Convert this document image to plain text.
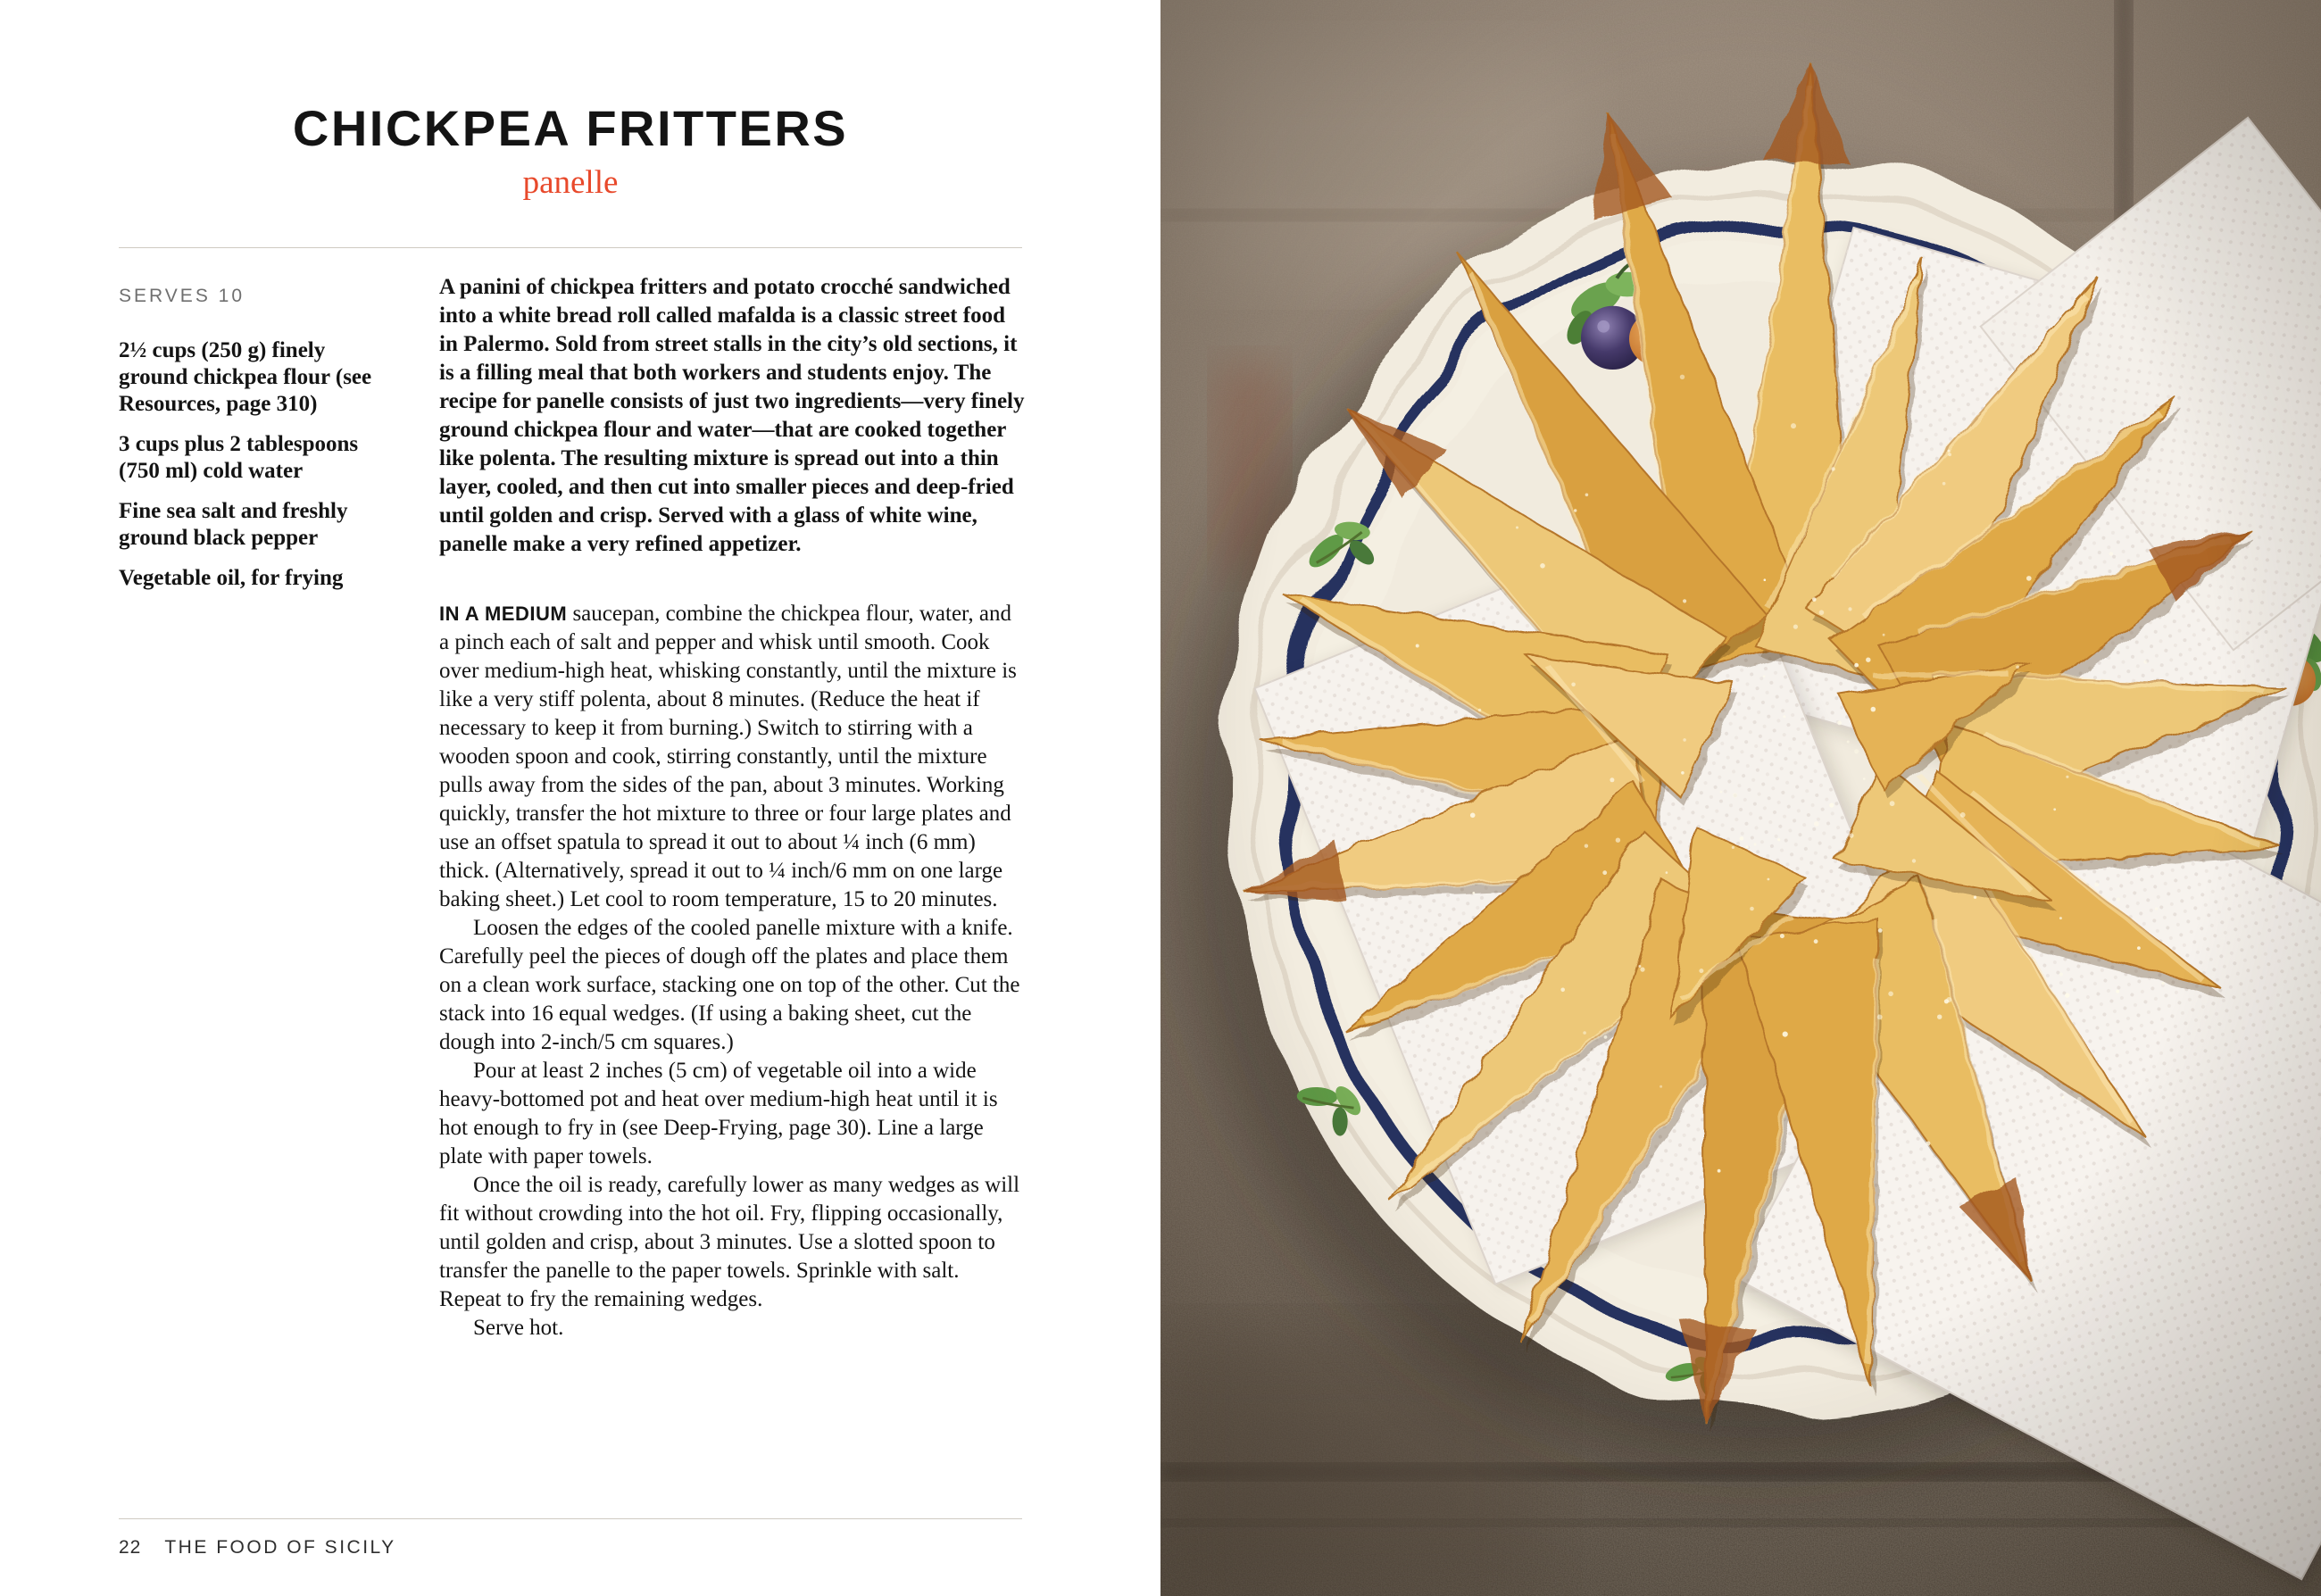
CHICKPEA FRITTERS
panelle
SERVES 10

2½ cups (250 g) finely ground chickpea flour (see Resources, page 310)

3 cups plus 2 tablespoons (750 ml) cold water

Fine sea salt and freshly ground black pepper

Vegetable oil, for frying

A panini of chickpea fritters and potato crocché sandwiched into a white bread roll called mafalda is a classic street food in Palermo. Sold from street stalls in the city’s old sections, it is a filling meal that both workers and students enjoy. The recipe for panelle consists of just two ingredients—very finely ground chickpea flour and water—that are cooked together like polenta. The resulting mixture is spread out into a thin layer, cooled, and then cut into smaller pieces and deep-fried until golden and crisp. Served with a glass of white wine, panelle make a very refined appetizer.

IN A MEDIUM saucepan, combine the chickpea flour, water, and a pinch each of salt and pepper and whisk until smooth. Cook over medium-high heat, whisking constantly, until the mixture is like a very stiff polenta, about 8 minutes. (Reduce the heat if necessary to keep it from burning.) Switch to stirring with a wooden spoon and cook, stirring constantly, until the mixture pulls away from the sides of the pan, about 3 minutes. Working quickly, transfer the hot mixture to three or four large plates and use an offset spatula to spread it out to about ¼ inch (6 mm) thick. (Alternatively, spread it out to ¼ inch/6 mm on one large baking sheet.) Let cool to room temperature, 15 to 20 minutes.

Loosen the edges of the cooled panelle mixture with a knife. Carefully peel the pieces of dough off the plates and place them on a clean work surface, stacking one on top of the other. Cut the stack into 16 equal wedges. (If using a baking sheet, cut the dough into 2-inch/5 cm squares.)

Pour at least 2 inches (5 cm) of vegetable oil into a wide heavy-bottomed pot and heat over medium-high heat until it is hot enough to fry in (see Deep-Frying, page 30). Line a large plate with paper towels.

Once the oil is ready, carefully lower as many wedges as will fit without crowding into the hot oil. Fry, flipping occasionally, until golden and crisp, about 3 minutes. Use a slotted spoon to transfer the panelle to the paper towels. Sprinkle with salt. Repeat to fry the remaining wedges.

Serve hot.

22 THE FOOD OF SICILY
